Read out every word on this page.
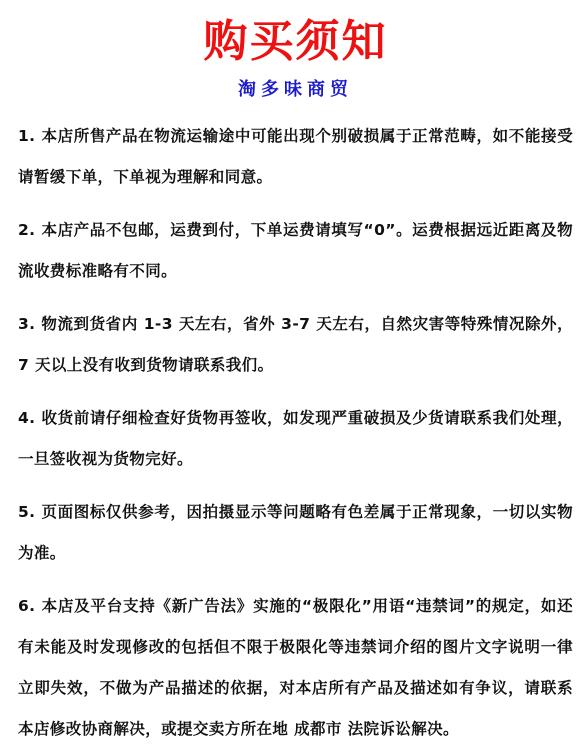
购买须知
淘多味商贸

1. 本店所售产品在物流运输途中可能出现个别破损属于正常范畴，如不能接受请暂缓下单，下单视为理解和同意。

2. 本店产品不包邮，运费到付，下单运费请填写“0”。运费根据远近距离及物流收费标准略有不同。

3. 物流到货省内 1-3 天左右，省外 3-7 天左右，自然灾害等特殊情况除外，7 天以上没有收到货物请联系我们。

4. 收货前请仔细检查好货物再签收，如发现严重破损及少货请联系我们处理，一旦签收视为货物完好。

5. 页面图标仅供参考，因拍摄显示等问题略有色差属于正常现象，一切以实物为准。

6. 本店及平台支持《新广告法》实施的“极限化”用语“违禁词”的规定，如还有未能及时发现修改的包括但不限于极限化等违禁词介绍的图片文字说明一律立即失效，不做为产品描述的依据，对本店所有产品及描述如有争议，请联系本店修改协商解决，或提交卖方所在地 成都市 法院诉讼解决。
